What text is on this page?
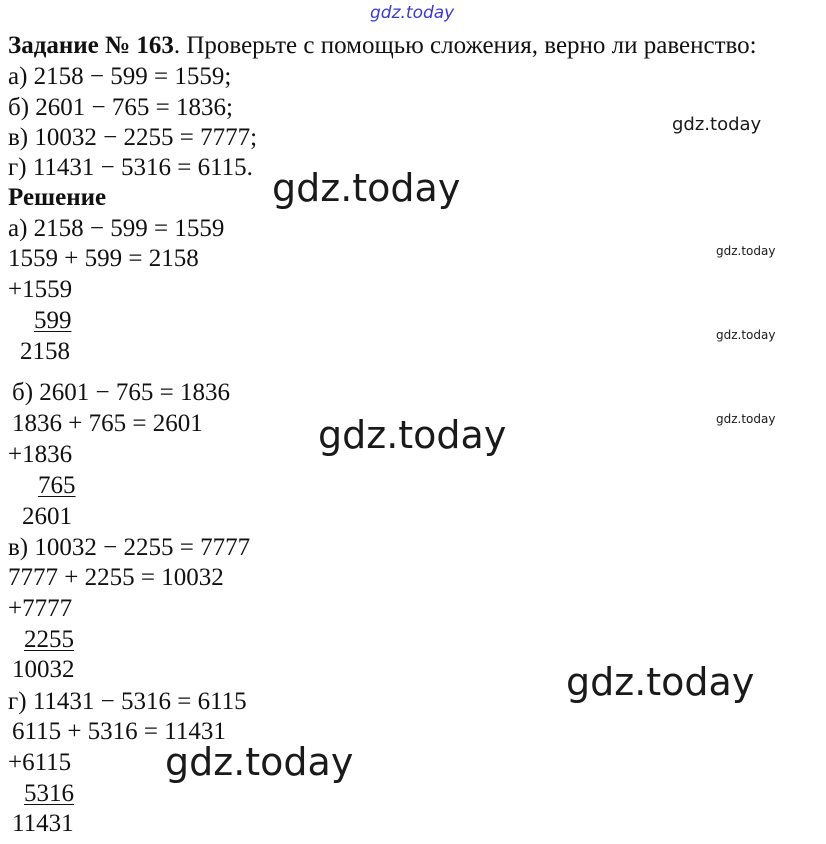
gdz.today
Задание № 163. Проверьте с помощью сложения, верно ли равенство:
а) 2158 − 599 = 1559;
б) 2601 − 765 = 1836;
в) 10032 − 2255 = 7777;
г) 11431 − 5316 = 6115.
Решение
а) 2158 − 599 = 1559
1559 + 599 = 2158
+1559
599
2158
б) 2601 − 765 = 1836
1836 + 765 = 2601
+1836
765
2601
в) 10032 − 2255 = 7777
7777 + 2255 = 10032
+7777
2255
10032
г) 11431 − 5316 = 6115
6115 + 5316 = 11431
+6115
5316
11431
gdz.today
gdz.today
gdz.today
gdz.today
gdz.today
gdz.today
gdz.today
gdz.today
